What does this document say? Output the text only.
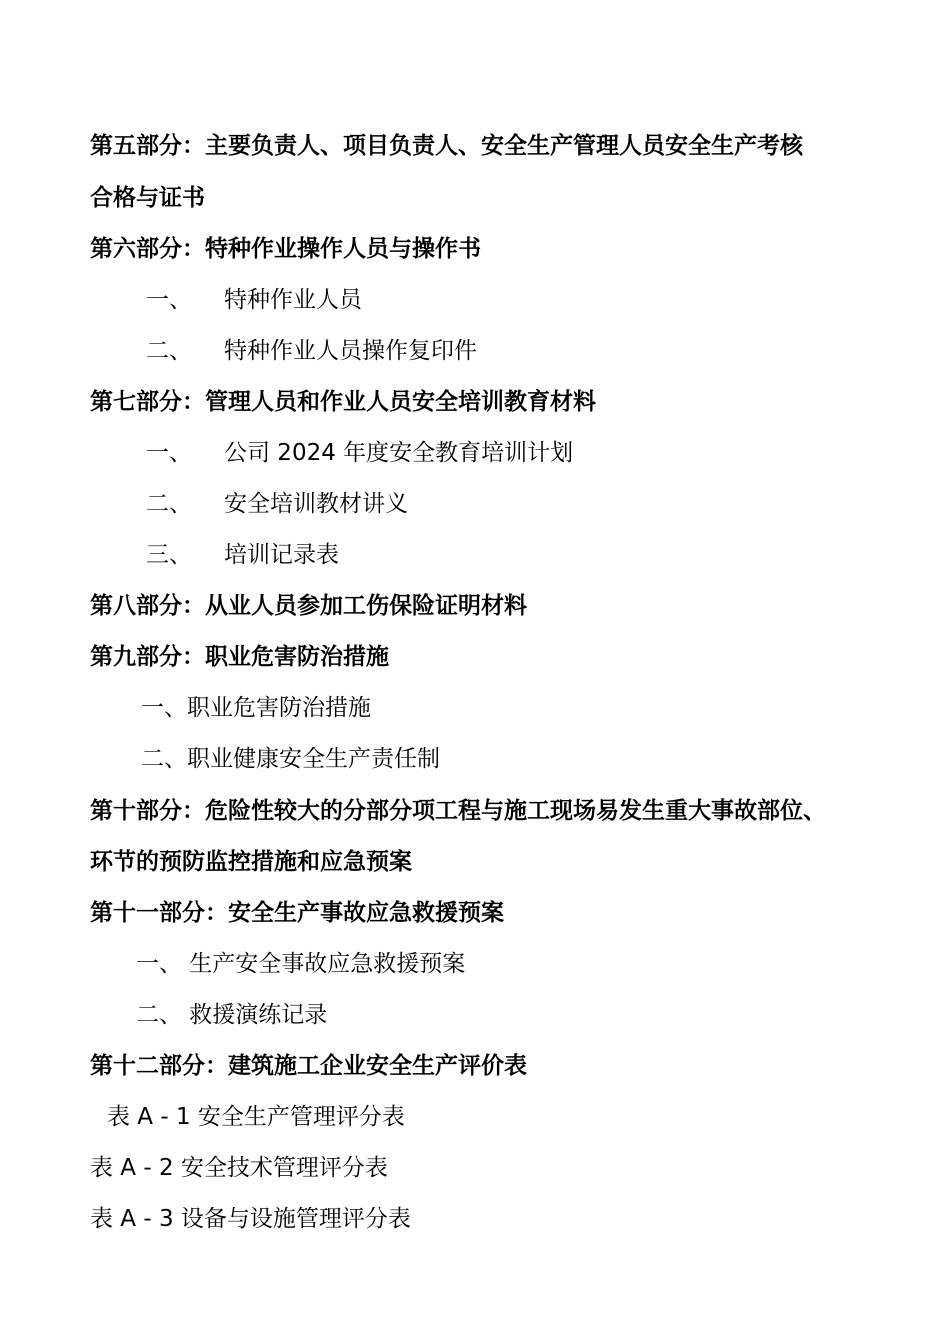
第五部分：主要负责人、项目负责人、安全生产管理人员安全生产考核
合格与证书
第六部分：特种作业操作人员与操作书
一、 特种作业人员
二、 特种作业人员操作复印件
第七部分：管理人员和作业人员安全培训教育材料
一、 公司 2024 年度安全教育培训计划
二、 安全培训教材讲义
三、 培训记录表
第八部分：从业人员参加工伤保险证明材料
第九部分：职业危害防治措施
一、职业危害防治措施
二、职业健康安全生产责任制
第十部分：危险性较大的分部分项工程与施工现场易发生重大事故部位、
环节的预防监控措施和应急预案
第十一部分：安全生产事故应急救援预案
一、 生产安全事故应急救援预案
二、 救援演练记录
第十二部分：建筑施工企业安全生产评价表
表 A - 1 安全生产管理评分表
表 A - 2 安全技术管理评分表
表 A - 3 设备与设施管理评分表
